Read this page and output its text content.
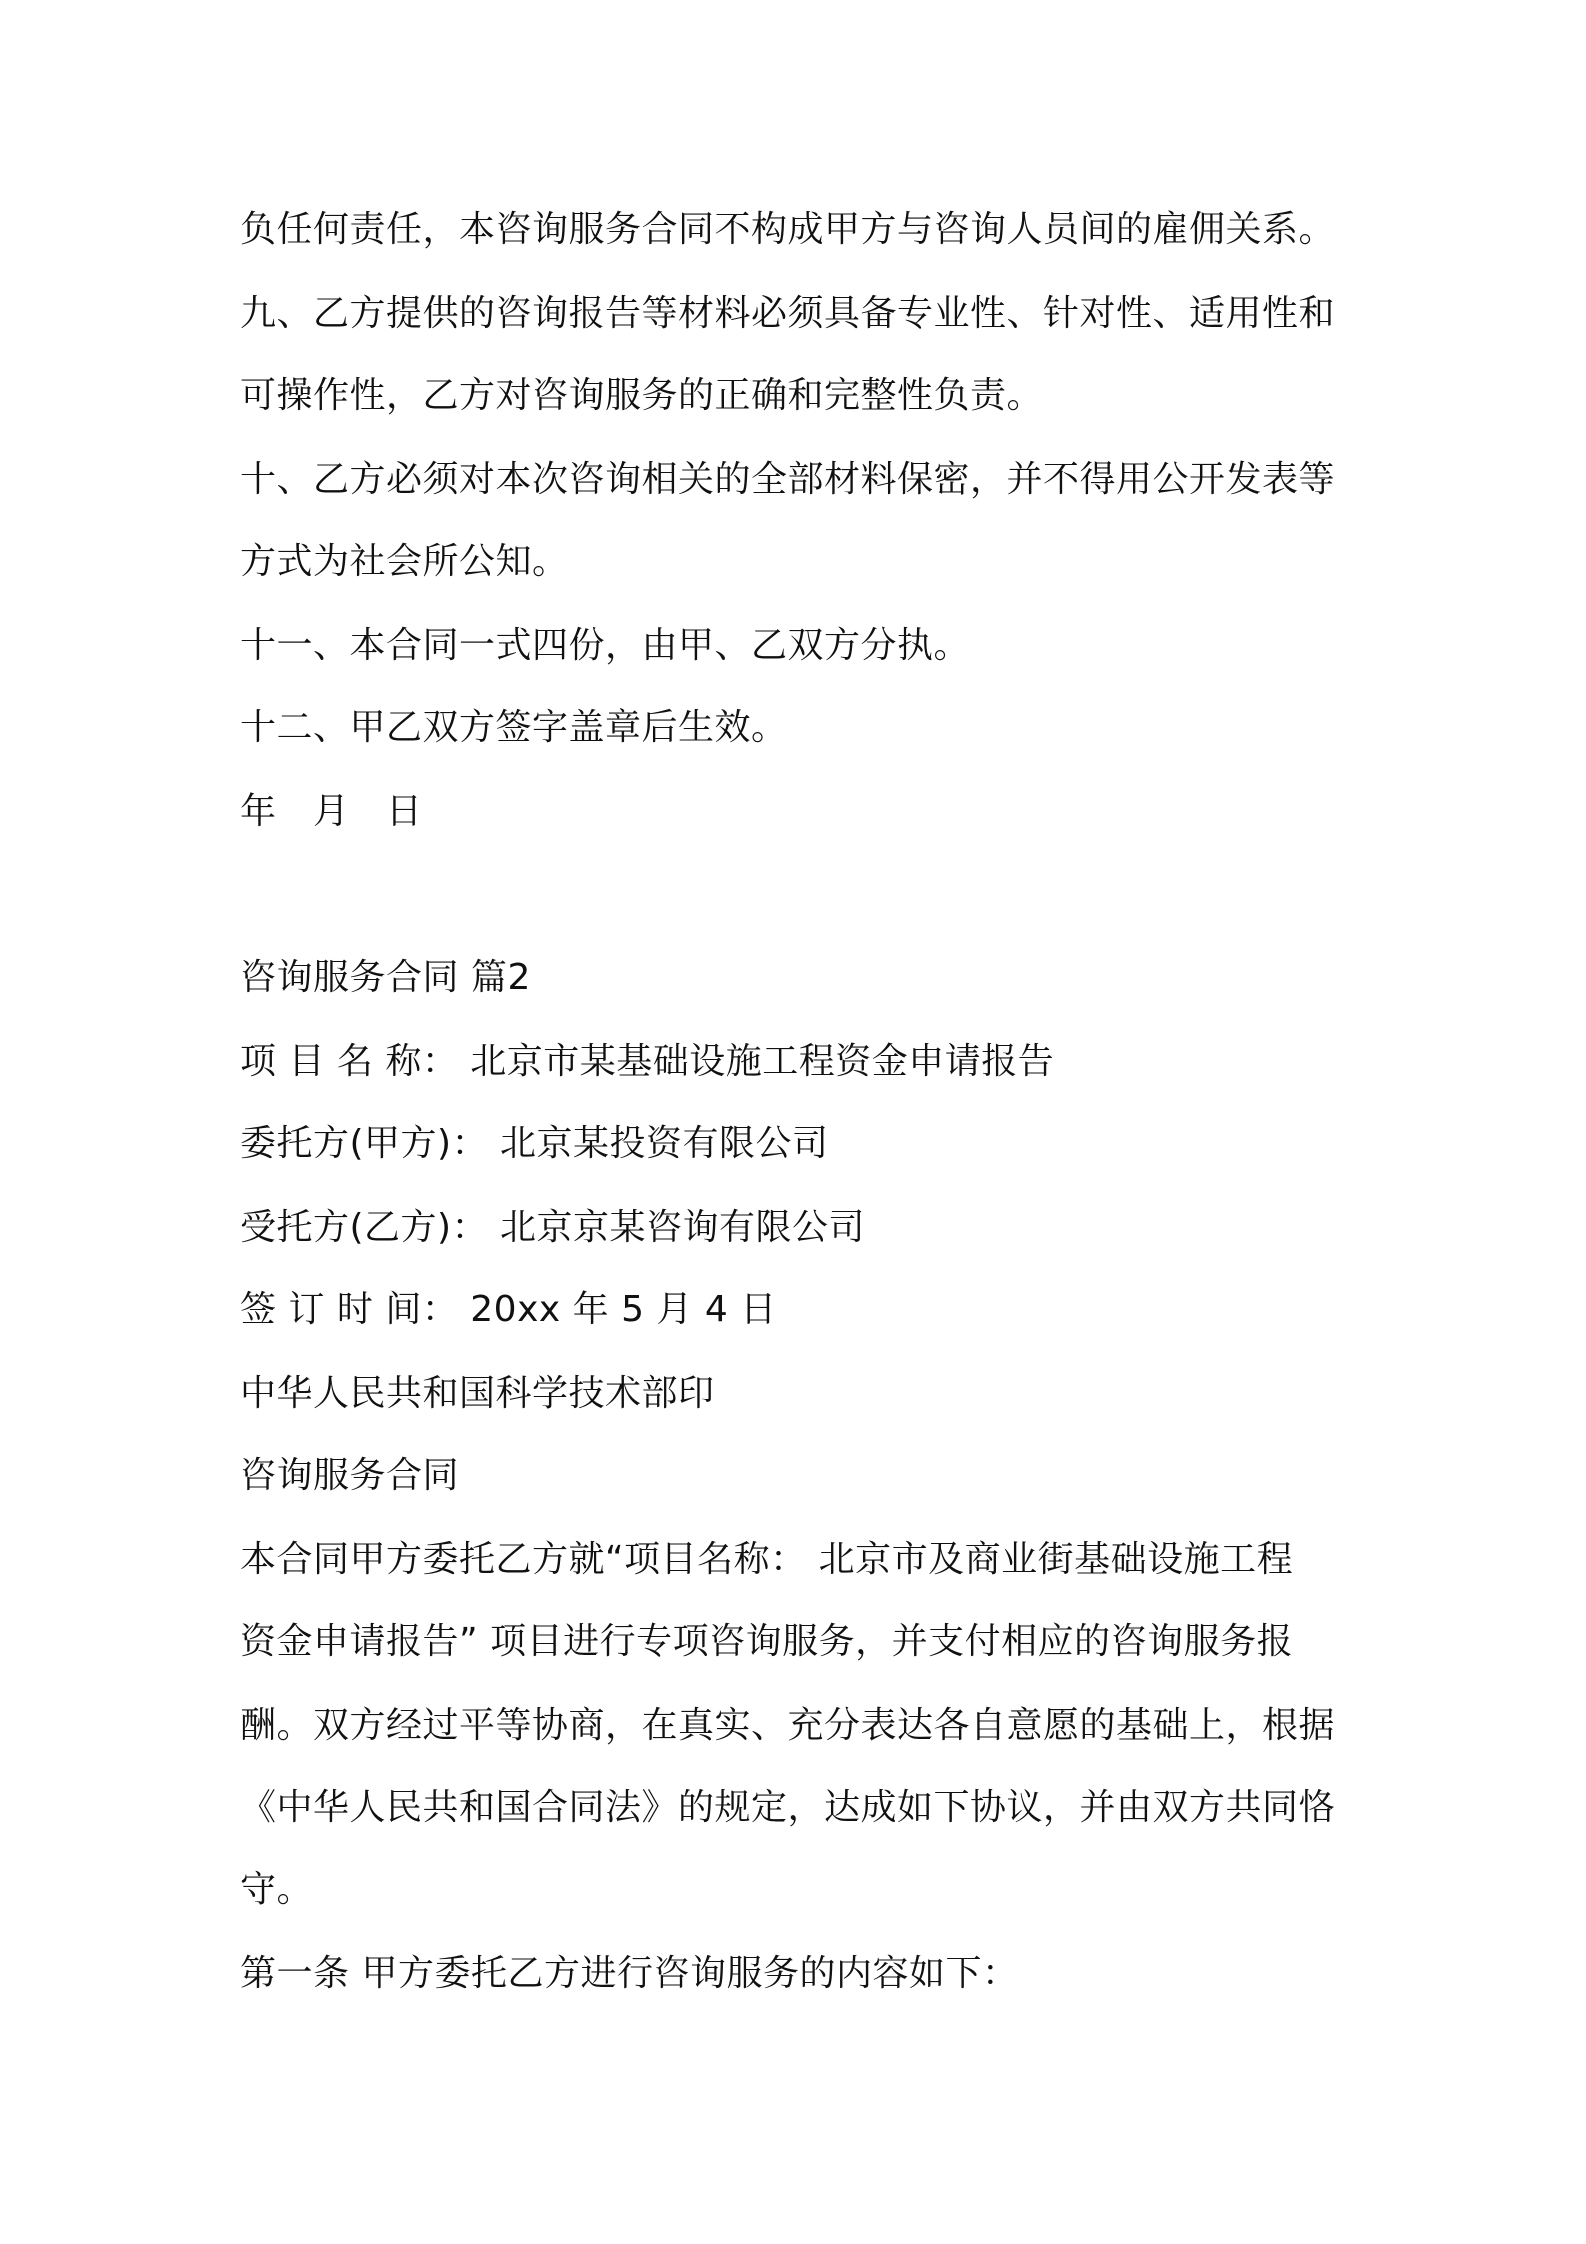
负任何责任，本咨询服务合同不构成甲方与咨询人员间的雇佣关系。
九、乙方提供的咨询报告等材料必须具备专业性、针对性、适用性和
可操作性，乙方对咨询服务的正确和完整性负责。
十、乙方必须对本次咨询相关的全部材料保密，并不得用公开发表等
方式为社会所公知。
十一、本合同一式四份，由甲、乙双方分执。
十二、甲乙双方签字盖章后生效。
年　月　日
咨询服务合同 篇2
项 目 名 称： 北京市某基础设施工程资金申请报告
委托方(甲方)： 北京某投资有限公司
受托方(乙方)： 北京京某咨询有限公司
签 订 时 间： 20xx 年 5 月 4 日
中华人民共和国科学技术部印
咨询服务合同
本合同甲方委托乙方就“项目名称： 北京市及商业街基础设施工程
资金申请报告” 项目进行专项咨询服务，并支付相应的咨询服务报
酬。双方经过平等协商，在真实、充分表达各自意愿的基础上，根据
《中华人民共和国合同法》的规定，达成如下协议，并由双方共同恪
守。
第一条 甲方委托乙方进行咨询服务的内容如下：
